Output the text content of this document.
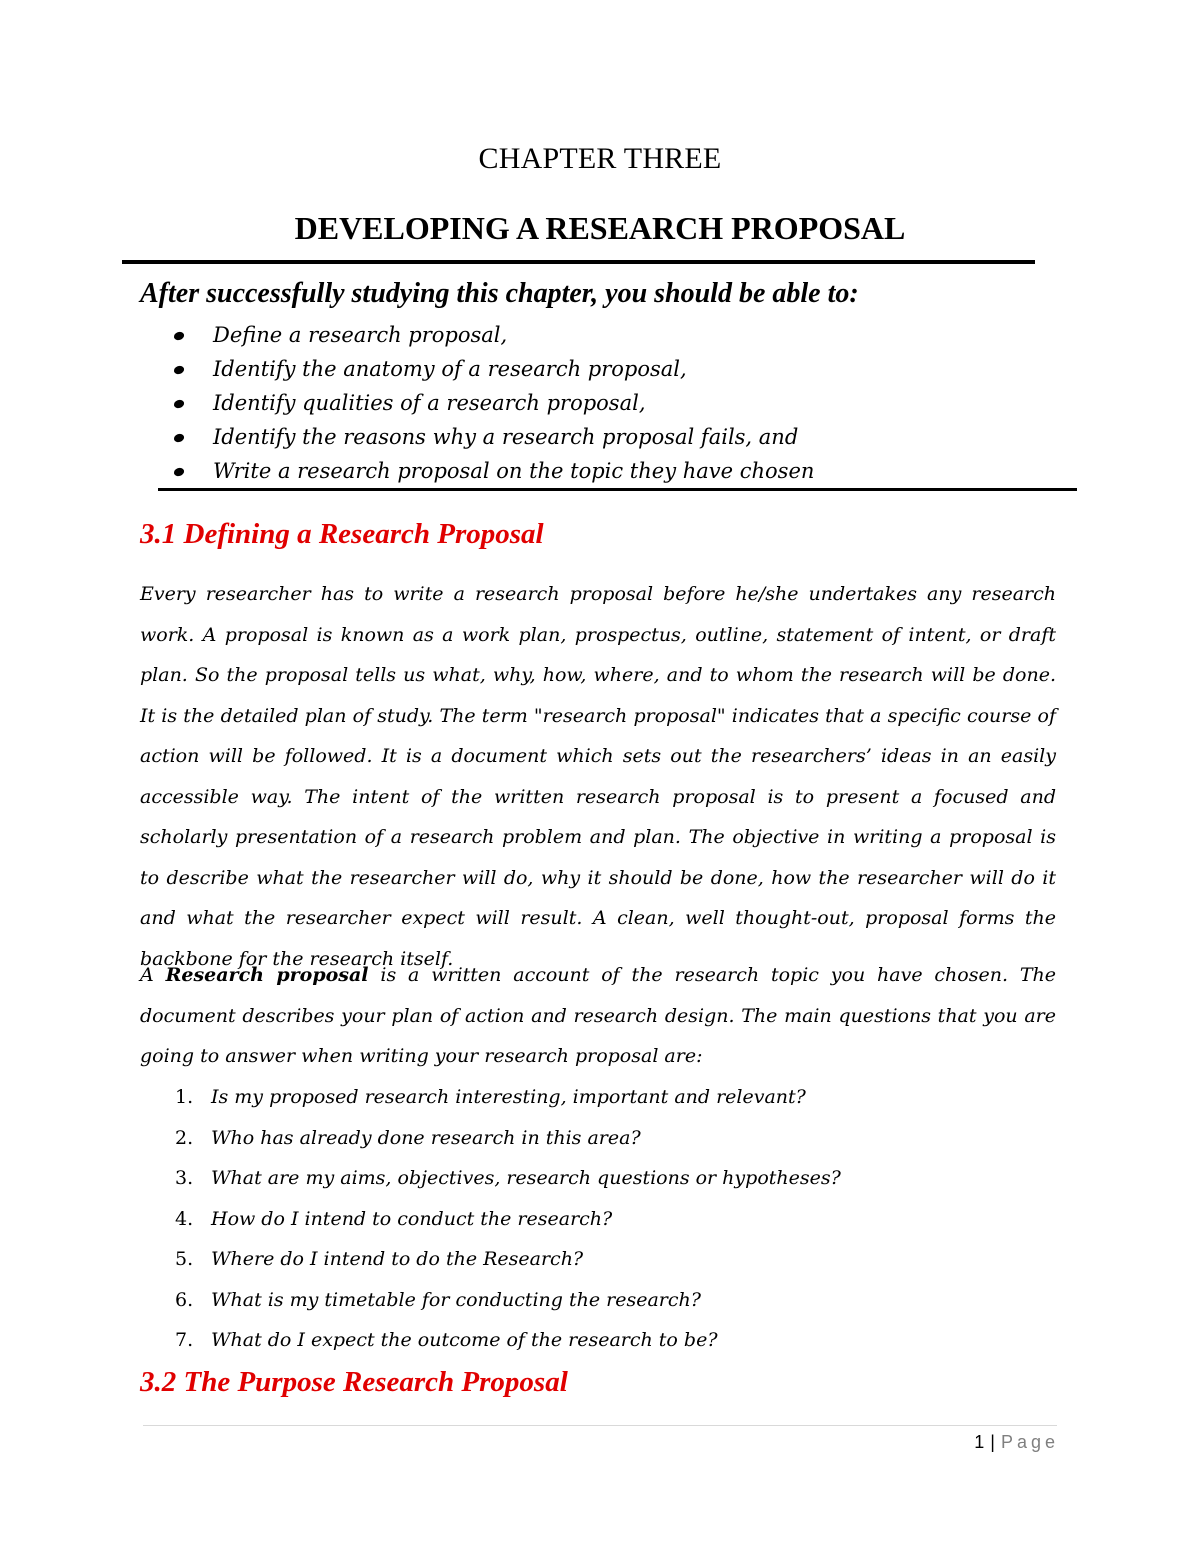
CHAPTER THREE
DEVELOPING A RESEARCH PROPOSAL
After successfully studying this chapter, you should be able to:
Define a research proposal,
Identify the anatomy of a research proposal,
Identify qualities of a research proposal,
Identify the reasons why a research proposal fails, and
Write a research proposal on the topic they have chosen
3.1 Defining a Research Proposal

Every researcher has to write a research proposal before he/she undertakes any research work. A proposal is known as a work plan, prospectus, outline, statement of intent, or draft plan. So the proposal tells us what, why, how, where, and to whom the research will be done. It is the detailed plan of study. The term "research proposal" indicates that a specific course of action will be followed. It is a document which sets out the researchers’ ideas in an easily accessible way. The intent of the written research proposal is to present a focused and scholarly presentation of a research problem and plan. The objective in writing a proposal is to describe what the researcher will do, why it should be done, how the researcher will do it and what the researcher expect will result. A clean, well thought-out, proposal forms the backbone for the research itself.

A Research proposal is a written account of the research topic you have chosen. The document describes your plan of action and research design. The main questions that you are going to answer when writing your research proposal are:

1. Is my proposed research interesting, important and relevant?
2. Who has already done research in this area?
3. What are my aims, objectives, research questions or hypotheses?
4. How do I intend to conduct the research?
5. Where do I intend to do the Research?
6. What is my timetable for conducting the research?
7. What do I expect the outcome of the research to be?
3.2 The Purpose Research Proposal
1 | Page
